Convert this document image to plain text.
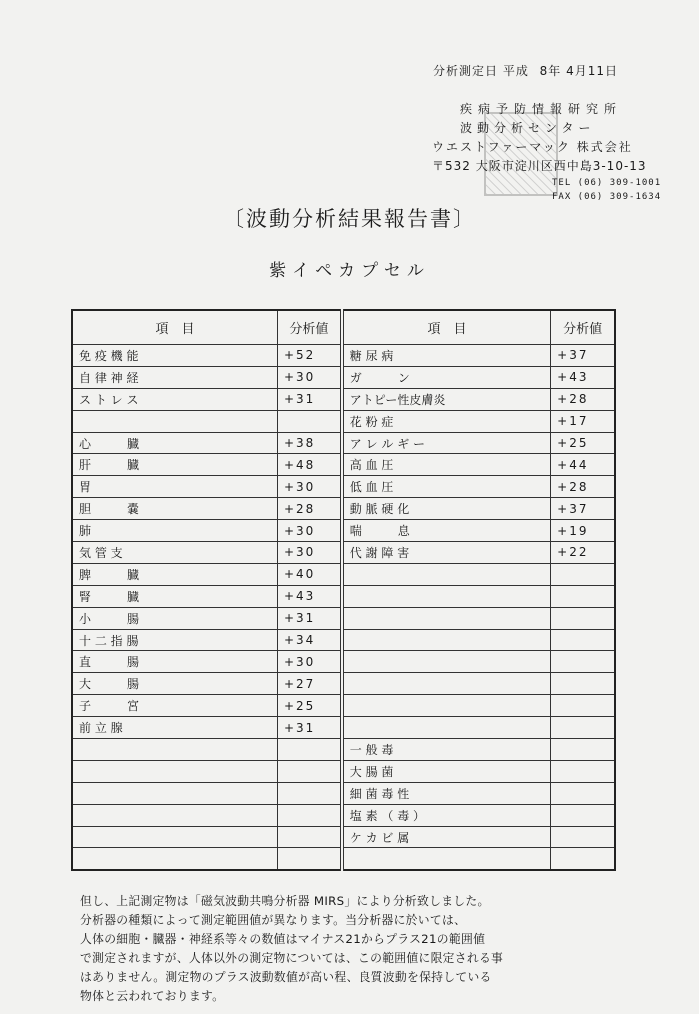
分析測定日 平成 8年 4月11日
疾病予防情報研究所
波動分析センター
ウエストファーマック 株式会社
〒532 大阪市淀川区西中島3-10-13
TEL (06) 309-1001
FAX (06) 309-1634
〔波動分析結果報告書〕
紫イペカプセル
項　目	分析値	項　目	分析値
免 疫 機 能	+52	糖 尿 病	+37
自 律 神 経	+30	ガ　　　ン	+43
ス ト レ ス	+31	アトピー性皮膚炎	+28
		花 粉 症	+17
心　　　臓	+38	ア レ ル ギ ー	+25
肝　　　臓	+48	高 血 圧	+44
胃	+30	低 血 圧	+28
胆　　　嚢	+28	動 脈 硬 化	+37
肺	+30	喘　　　息	+19
気 管 支	+30	代 謝 障 害	+22
脾　　　臓	+40		
腎　　　臓	+43		
小　　　腸	+31		
十 二 指 腸	+34		
直　　　腸	+30		
大　　　腸	+27		
子　　　宮	+25		
前 立 腺	+31		
		一 般 毒	
		大 腸 菌	
		細 菌 毒 性	
		塩 素 （ 毒 ）	
		ケ カ ビ 属	

但し、上記測定物は「磁気波動共鳴分析器 MIRS」により分析致しました。
分析器の種類によって測定範囲値が異なります。当分析器に於いては、
人体の細胞・臓器・神経系等々の数値はマイナス21からプラス21の範囲値
で測定されますが、人体以外の測定物については、この範囲値に限定される事
はありません。測定物のプラス波動数値が高い程、良質波動を保持している
物体と云われております。
